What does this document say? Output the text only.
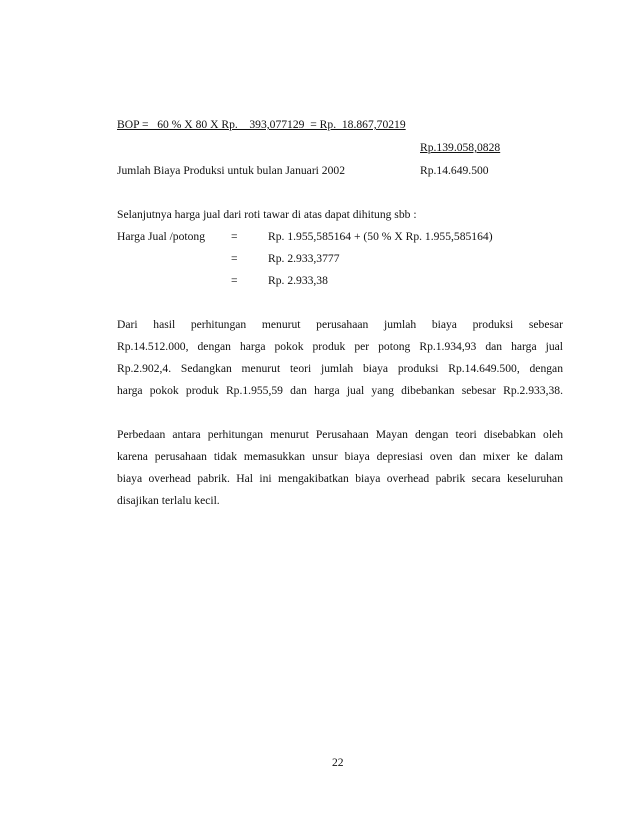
BOP =   60 % X 80 X Rp.    393,077129  = Rp.  18.867,70219
Rp.139.058,0828
Jumlah Biaya Produksi untuk bulan Januari 2002	Rp.14.649.500
Selanjutnya harga jual dari roti tawar di atas dapat dihitung sbb :
Harga Jual /potong =	Rp. 1.955,585164 + (50 % X Rp. 1.955,585164)
=	Rp. 2.933,3777
=	Rp. 2.933,38
Dari hasil perhitungan menurut perusahaan jumlah biaya produksi sebesar
Rp.14.512.000, dengan harga pokok produk per potong Rp.1.934,93 dan harga jual
Rp.2.902,4. Sedangkan menurut teori jumlah biaya produksi Rp.14.649.500, dengan
harga pokok produk Rp.1.955,59 dan harga jual yang dibebankan sebesar Rp.2.933,38.
Perbedaan antara perhitungan menurut Perusahaan Mayan dengan teori disebabkan oleh
karena perusahaan tidak memasukkan unsur biaya depresiasi oven dan mixer ke dalam
biaya overhead pabrik. Hal ini mengakibatkan biaya overhead pabrik secara keseluruhan
disajikan terlalu kecil.
22
